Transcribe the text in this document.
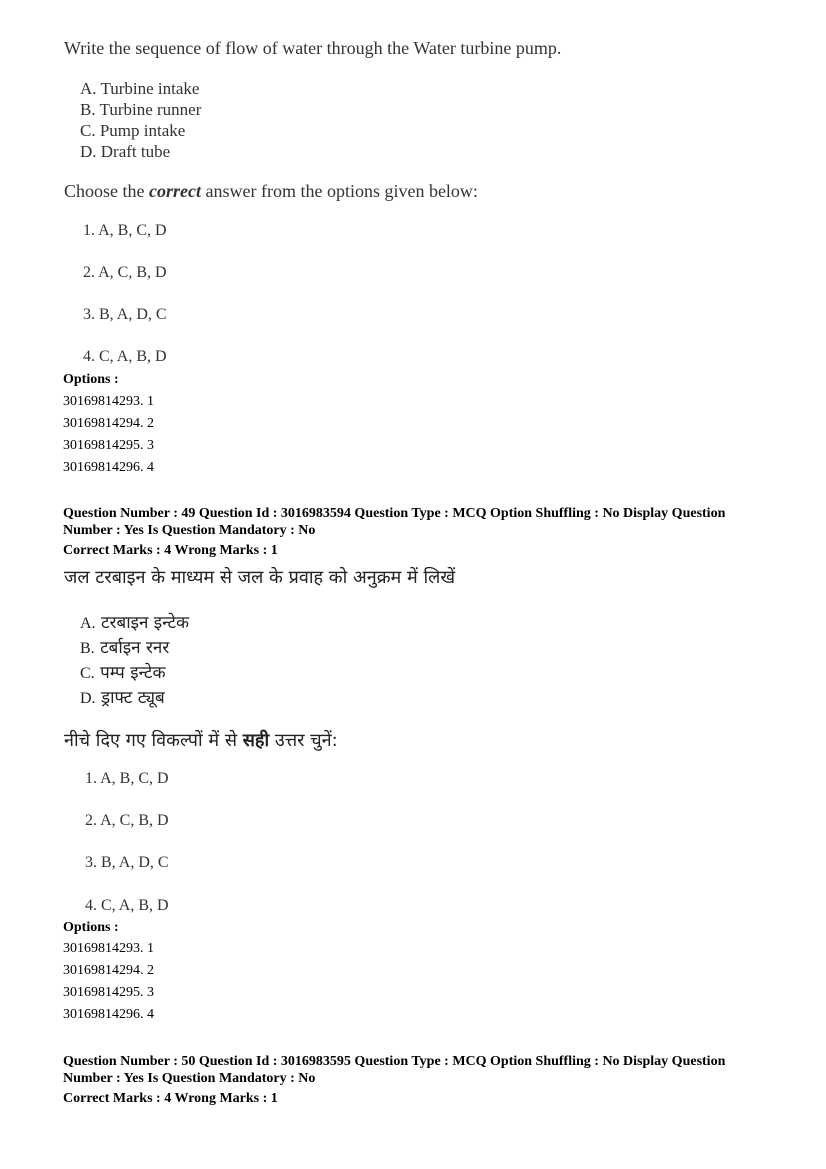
Write the sequence of flow of water through the Water turbine pump.
A. Turbine intake
B. Turbine runner
C. Pump intake
D. Draft tube
Choose the correct answer from the options given below:
1. A, B, C, D
2. A, C, B, D
3. B, A, D, C
4. C, A, B, D
Options :
30169814293. 1
30169814294. 2
30169814295. 3
30169814296. 4
Question Number : 49 Question Id : 3016983594 Question Type : MCQ Option Shuffling : No Display Question
Number : Yes Is Question Mandatory : No
Correct Marks : 4 Wrong Marks : 1
जल टरबाइन के माध्यम से जल के प्रवाह को अनुक्रम में लिखें
A. टरबाइन इन्टेक
B. टर्बाइन रनर
C. पम्प इन्टेक
D. ड्राफ्ट ट्यूब
नीचे दिए गए विकल्पों में से सही उत्तर चुनें:
1. A, B, C, D
2. A, C, B, D
3. B, A, D, C
4. C, A, B, D
Options :
30169814293. 1
30169814294. 2
30169814295. 3
30169814296. 4
Question Number : 50 Question Id : 3016983595 Question Type : MCQ Option Shuffling : No Display Question
Number : Yes Is Question Mandatory : No
Correct Marks : 4 Wrong Marks : 1
